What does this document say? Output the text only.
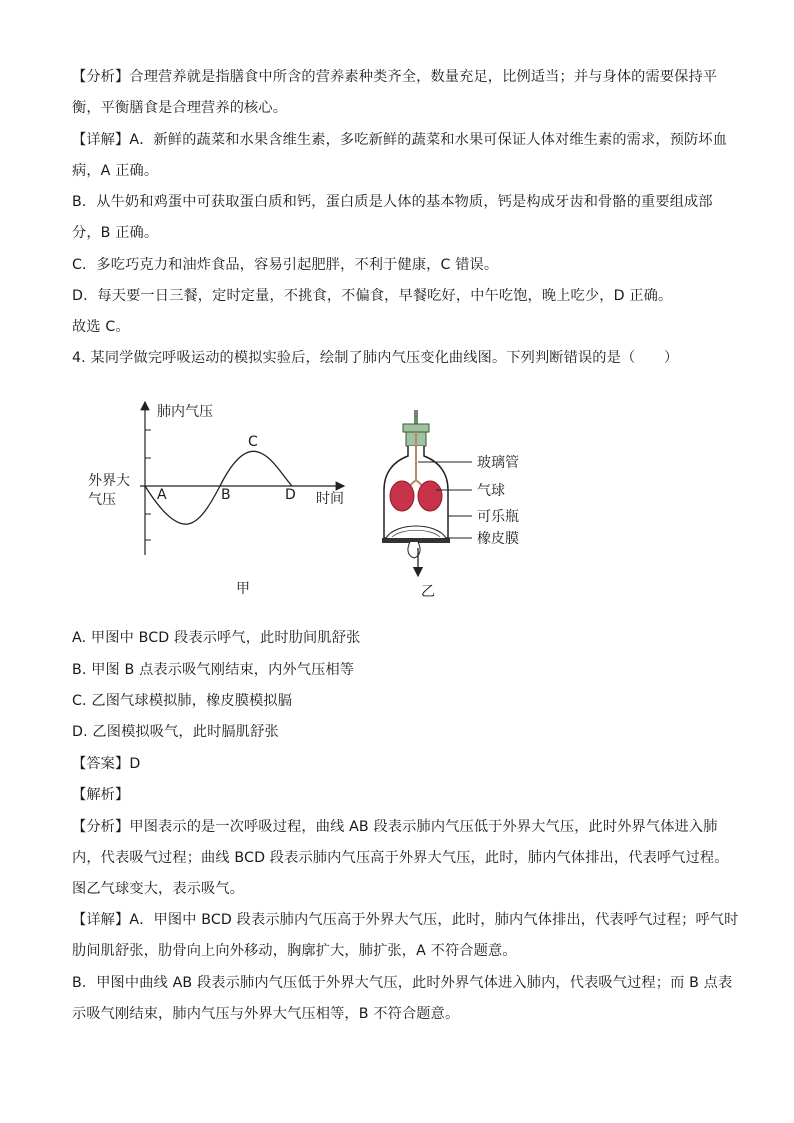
【分析】合理营养就是指膳食中所含的营养素种类齐全，数量充足，比例适当；并与身体的需要保持平
衡，平衡膳食是合理营养的核心。
【详解】A．新鲜的蔬菜和水果含维生素，多吃新鲜的蔬菜和水果可保证人体对维生素的需求，预防坏血
病，A 正确。
B．从牛奶和鸡蛋中可获取蛋白质和钙，蛋白质是人体的基本物质，钙是构成牙齿和骨骼的重要组成部
分，B 正确。
C．多吃巧克力和油炸食品，容易引起肥胖，不利于健康，C 错误。
D．每天要一日三餐，定时定量，不挑食，不偏食，早餐吃好，中午吃饱，晚上吃少，D 正确。
故选 C。
4. 某同学做完呼吸运动的模拟实验后，绘制了肺内气压变化曲线图。下列判断错误的是（　　）
肺内气压
时间
外界大
气压	A	B
C
D
玻璃管
气球
可乐瓶
橡皮膜
甲	乙
A. 甲图中 BCD 段表示呼气，此时肋间肌舒张
B. 甲图 B 点表示吸气刚结束，内外气压相等
C. 乙图气球模拟肺，橡皮膜模拟膈
D. 乙图模拟吸气，此时膈肌舒张
【答案】D
【解析】
【分析】甲图表示的是一次呼吸过程，曲线 AB 段表示肺内气压低于外界大气压，此时外界气体进入肺
内，代表吸气过程；曲线 BCD 段表示肺内气压高于外界大气压，此时，肺内气体排出，代表呼气过程。
图乙气球变大，表示吸气。
【详解】A．甲图中 BCD 段表示肺内气压高于外界大气压，此时，肺内气体排出，代表呼气过程；呼气时
肋间肌舒张，肋骨向上向外移动，胸廓扩大，肺扩张，A 不符合题意。
B．甲图中曲线 AB 段表示肺内气压低于外界大气压，此时外界气体进入肺内，代表吸气过程；而 B 点表
示吸气刚结束，肺内气压与外界大气压相等，B 不符合题意。
